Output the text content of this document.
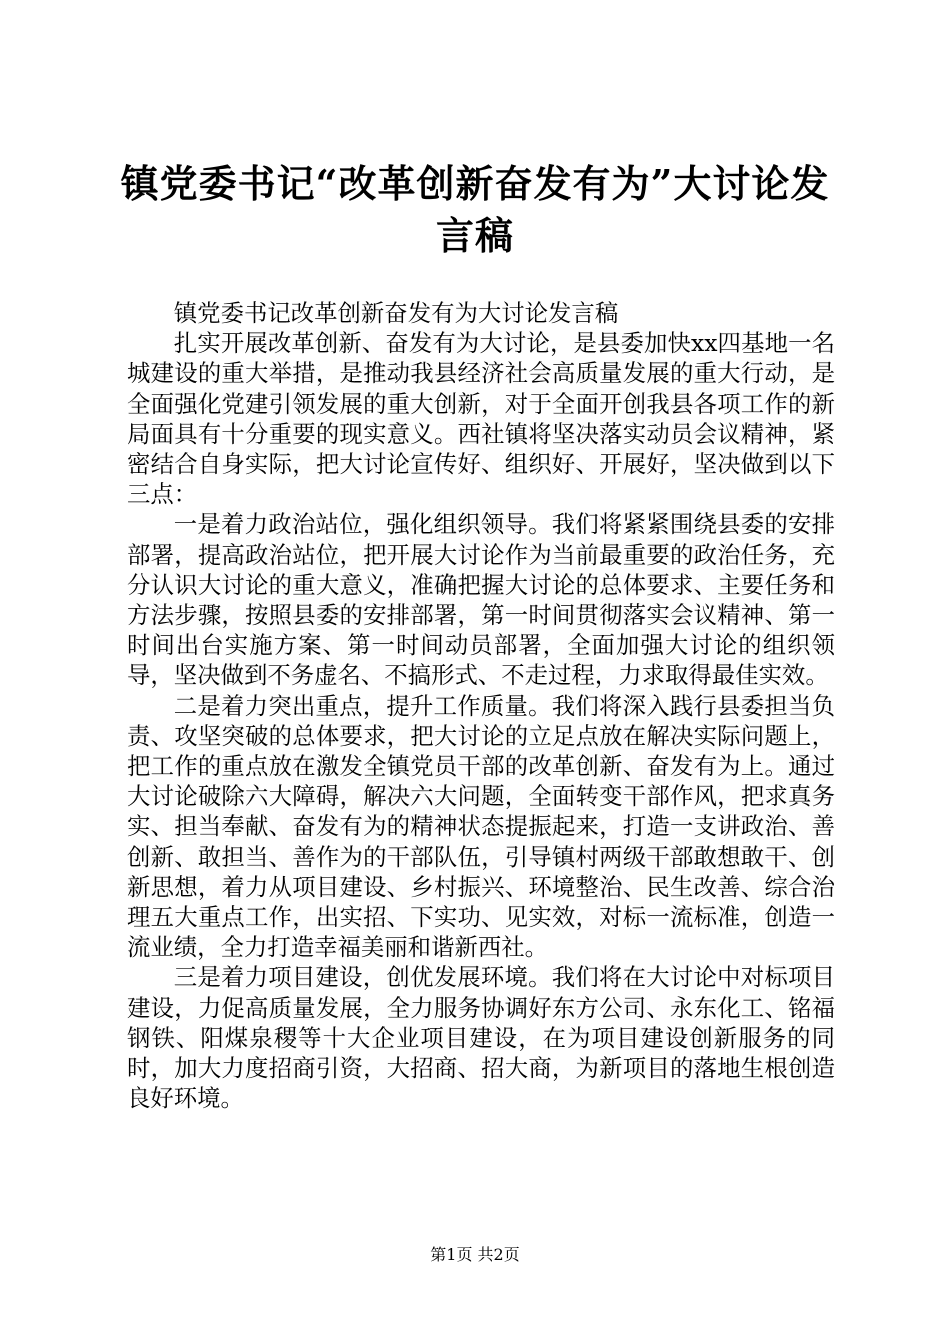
镇党委书记“改革创新奋发有为”大讨论发言稿

镇党委书记改革创新奋发有为大讨论发言稿

扎实开展改革创新、奋发有为大讨论，是县委加快xx四基地一名城建设的重大举措，是推动我县经济社会高质量发展的重大行动，是全面强化党建引领发展的重大创新，对于全面开创我县各项工作的新局面具有十分重要的现实意义。西社镇将坚决落实动员会议精神，紧密结合自身实际，把大讨论宣传好、组织好、开展好，坚决做到以下三点：

一是着力政治站位，强化组织领导。我们将紧紧围绕县委的安排部署，提高政治站位，把开展大讨论作为当前最重要的政治任务，充分认识大讨论的重大意义，准确把握大讨论的总体要求、主要任务和方法步骤，按照县委的安排部署，第一时间贯彻落实会议精神、第一时间出台实施方案、第一时间动员部署，全面加强大讨论的组织领导，坚决做到不务虚名、不搞形式、不走过程，力求取得最佳实效。

二是着力突出重点，提升工作质量。我们将深入践行县委担当负责、攻坚突破的总体要求，把大讨论的立足点放在解决实际问题上，把工作的重点放在激发全镇党员干部的改革创新、奋发有为上。通过大讨论破除六大障碍，解决六大问题，全面转变干部作风，把求真务实、担当奉献、奋发有为的精神状态提振起来，打造一支讲政治、善创新、敢担当、善作为的干部队伍，引导镇村两级干部敢想敢干、创新思想，着力从项目建设、乡村振兴、环境整治、民生改善、综合治理五大重点工作，出实招、下实功、见实效，对标一流标准，创造一流业绩，全力打造幸福美丽和谐新西社。

三是着力项目建设，创优发展环境。我们将在大讨论中对标项目建设，力促高质量发展，全力服务协调好东方公司、永东化工、铭福钢铁、阳煤泉稷等十大企业项目建设，在为项目建设创新服务的同时，加大力度招商引资，大招商、招大商，为新项目的落地生根创造良好环境。

第1页 共2页
